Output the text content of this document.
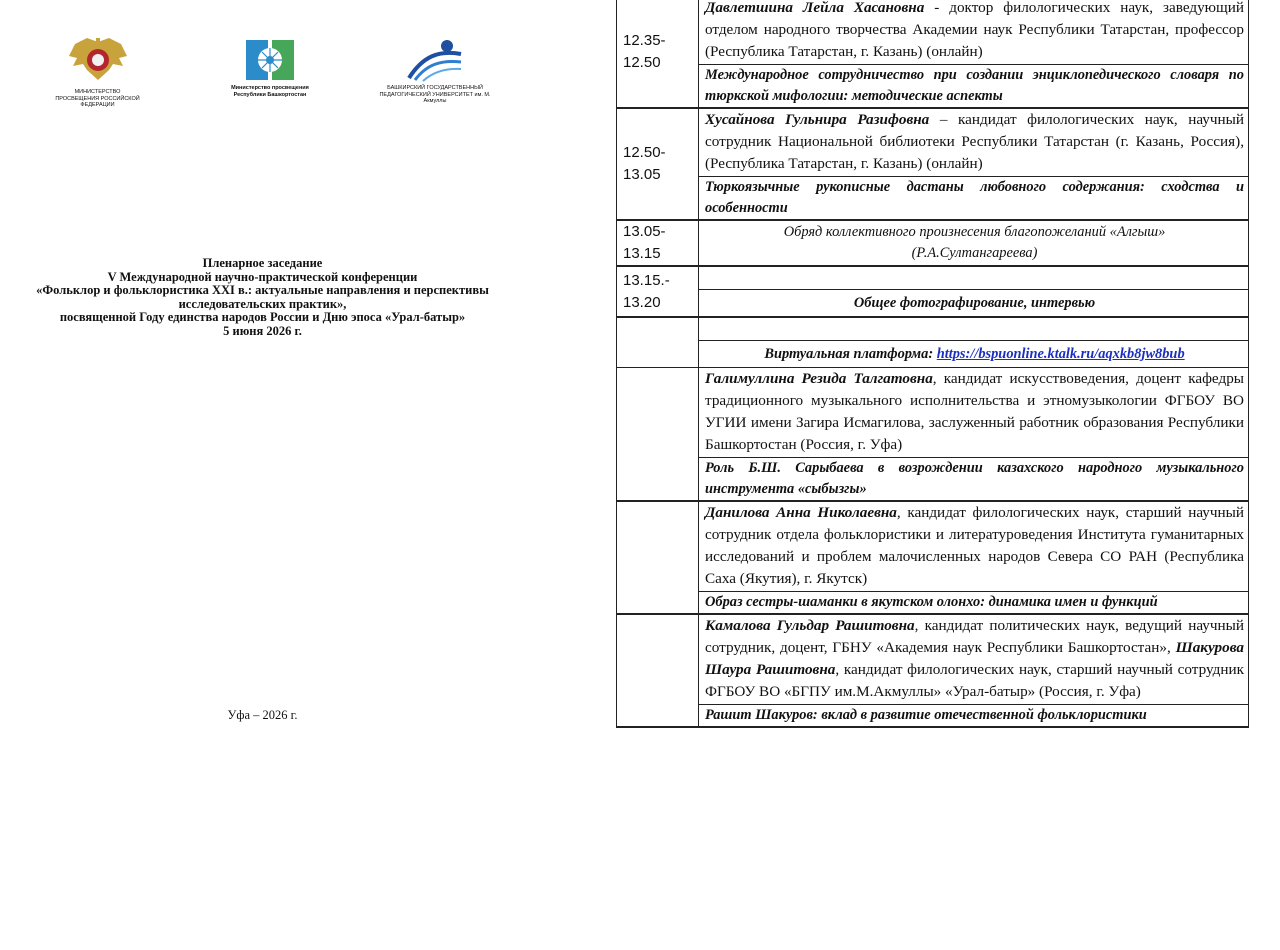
МИНИСТЕРСТВО ПРОСВЕЩЕНИЯ РОССИЙСКОЙ ФЕДЕРАЦИИ
Министерство просвещения Республики Башкортостан
БАШКИРСКИЙ ГОСУДАРСТВЕННЫЙ ПЕДАГОГИЧЕСКИЙ УНИВЕРСИТЕТ им. М. Акмуллы
Пленарное заседание
V Международной научно-практической конференции
«Фольклор и фольклористика XXI в.: актуальные направления и перспективы
исследовательских практик»,
посвященной Году единства народов России и Дню эпоса «Урал-батыр»
5 июня 2026 г.
Уфа – 2026 г.
12.35-
12.50
Давлетшина Лейла Хасановна - доктор филологических наук, заведующий отделом народного творчества Академии наук Республики Татарстан, профессор (Республика Татарстан, г. Казань) (онлайн)
Международное сотрудничество при создании энциклопедического словаря по тюркской мифологии: методические аспекты
12.50-
13.05
Хусайнова Гульнира Разифовна – кандидат филологических наук, научный сотрудник Национальной библиотеки Республики Татарстан (г. Казань, Россия), (Республика Татарстан, г. Казань) (онлайн)
Тюркоязычные рукописные дастаны любовного содержания: сходства и особенности
13.05-
13.15
Обряд коллективного произнесения благопожеланий «Алгыш»
(Р.А.Султангареева)
13.15.-
13.20	Общее фотографирование, интервью
Виртуальная платформа: https://bspuonline.ktalk.ru/aqxkb8jw8bub
Галимуллина Резида Талгатовна, кандидат искусствоведения, доцент кафедры традиционного музыкального исполнительства и этномузыкологии ФГБОУ ВО УГИИ имени Загира Исмагилова, заслуженный работник образования Республики Башкортостан (Россия, г. Уфа)
Роль Б.Ш. Сарыбаева в возрождении казахского народного музыкального инструмента «сыбызгы»
Данилова Анна Николаевна, кандидат филологических наук, старший научный сотрудник отдела фольклористики и литературоведения Института гуманитарных исследований и проблем малочисленных народов Севера СО РАН (Республика Саха (Якутия), г. Якутск)
Образ сестры-шаманки в якутском олонхо: динамика имен и функций
Камалова Гульдар Рашитовна, кандидат политических наук, ведущий научный сотрудник, доцент, ГБНУ «Академия наук Республики Башкортостан», Шакурова Шаура Рашитовна, кандидат филологических наук, старший научный сотрудник ФГБОУ ВО «БГПУ им.М.Акмуллы» «Урал-батыр» (Россия, г. Уфа)
Рашит Шакуров: вклад в развитие отечественной фольклористики
